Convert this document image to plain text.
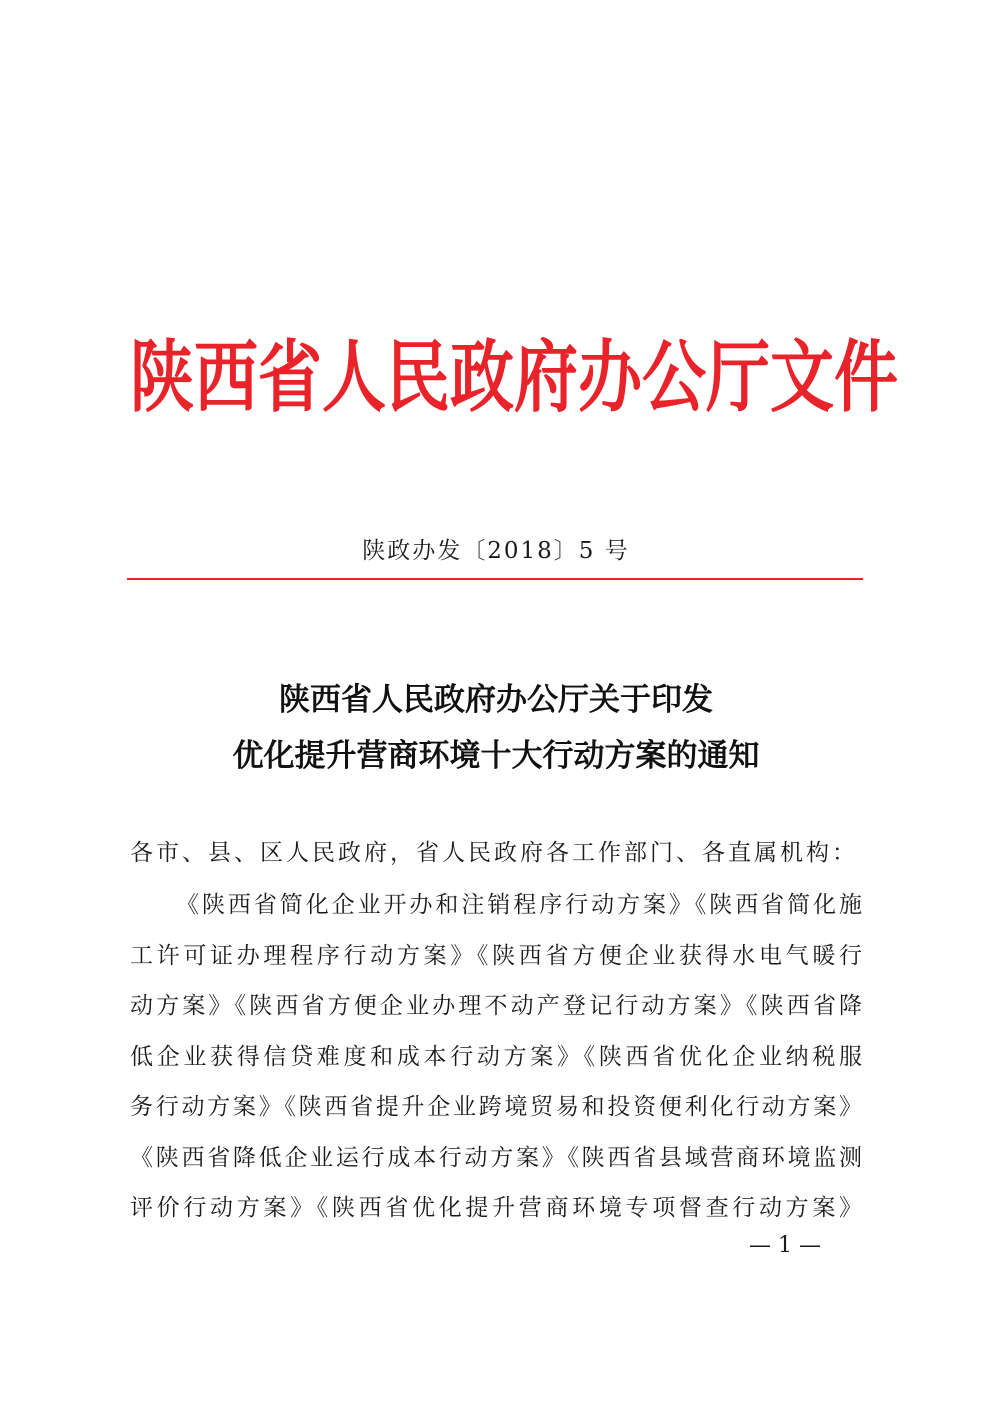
陕西省人民政府办公厅文件
陕政办发〔2018〕5 号
陕西省人民政府办公厅关于印发
优化提升营商环境十大行动方案的通知
各市、县、区人民政府，省人民政府各工作部门、各直属机构：
《陕西省简化企业开办和注销程序行动方案》《陕西省简化施
工许可证办理程序行动方案》《陕西省方便企业获得水电气暖行
动方案》《陕西省方便企业办理不动产登记行动方案》《陕西省降
低企业获得信贷难度和成本行动方案》《陕西省优化企业纳税服
务行动方案》《陕西省提升企业跨境贸易和投资便利化行动方案》
《陕西省降低企业运行成本行动方案》《陕西省县域营商环境监测
评价行动方案》《陕西省优化提升营商环境专项督查行动方案》
— 1 —
